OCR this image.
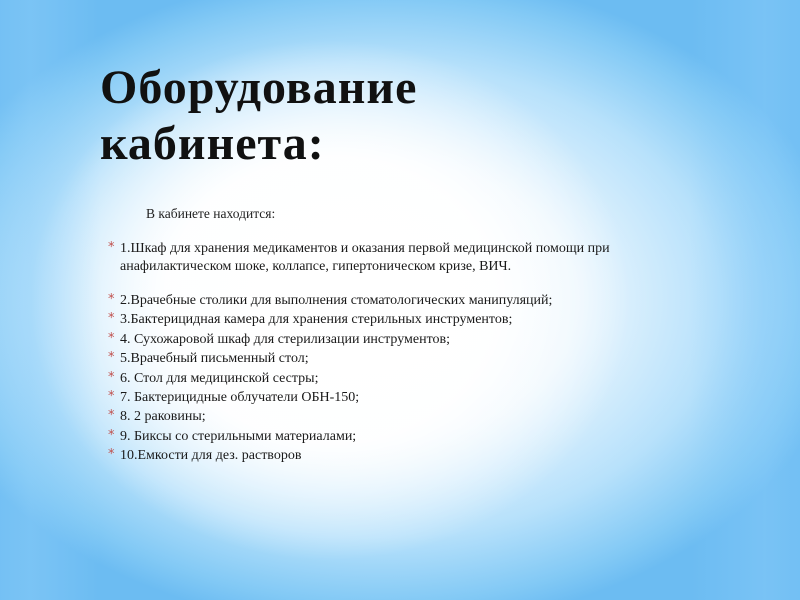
Оборудование
кабинета:

В кабинете находится:

* 1.Шкаф для хранения медикаментов и оказания первой медицинской помощи при анафилактическом шоке, коллапсе, гипертоническом кризе, ВИЧ.
* 2.Врачебные столики для выполнения стоматологических манипуляций;
* 3.Бактерицидная камера для хранения стерильных инструментов;
* 4. Сухожаровой шкаф для стерилизации инструментов;
* 5.Врачебный письменный стол;
* 6. Стол для медицинской сестры;
* 7. Бактерицидные облучатели ОБН-150;
* 8. 2 раковины;
* 9. Биксы со стерильными материалами;
* 10.Емкости для дез. растворов
